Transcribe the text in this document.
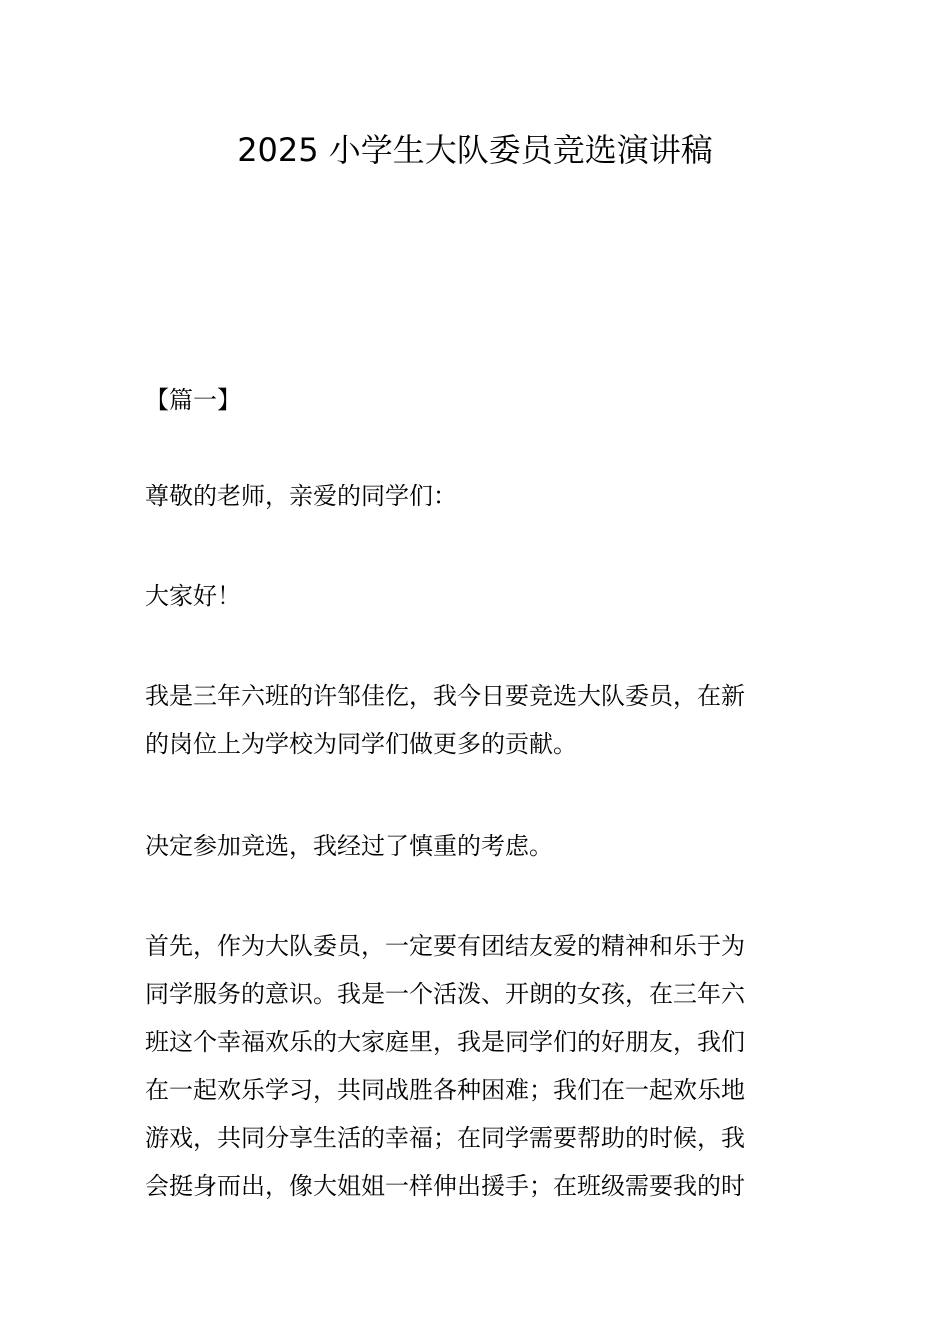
2025 小学生大队委员竞选演讲稿

【篇一】

尊敬的老师，亲爱的同学们：

大家好！

我是三年六班的许邹佳仡，我今日要竞选大队委员，在新
的岗位上为学校为同学们做更多的贡献。
决定参加竞选，我经过了慎重的考虑。
首先，作为大队委员，一定要有团结友爱的精神和乐于为
同学服务的意识。我是一个活泼、开朗的女孩，在三年六
班这个幸福欢乐的大家庭里，我是同学们的好朋友，我们
在一起欢乐学习，共同战胜各种困难；我们在一起欢乐地
游戏，共同分享生活的幸福；在同学需要帮助的时候，我
会挺身而出，像大姐姐一样伸出援手；在班级需要我的时
